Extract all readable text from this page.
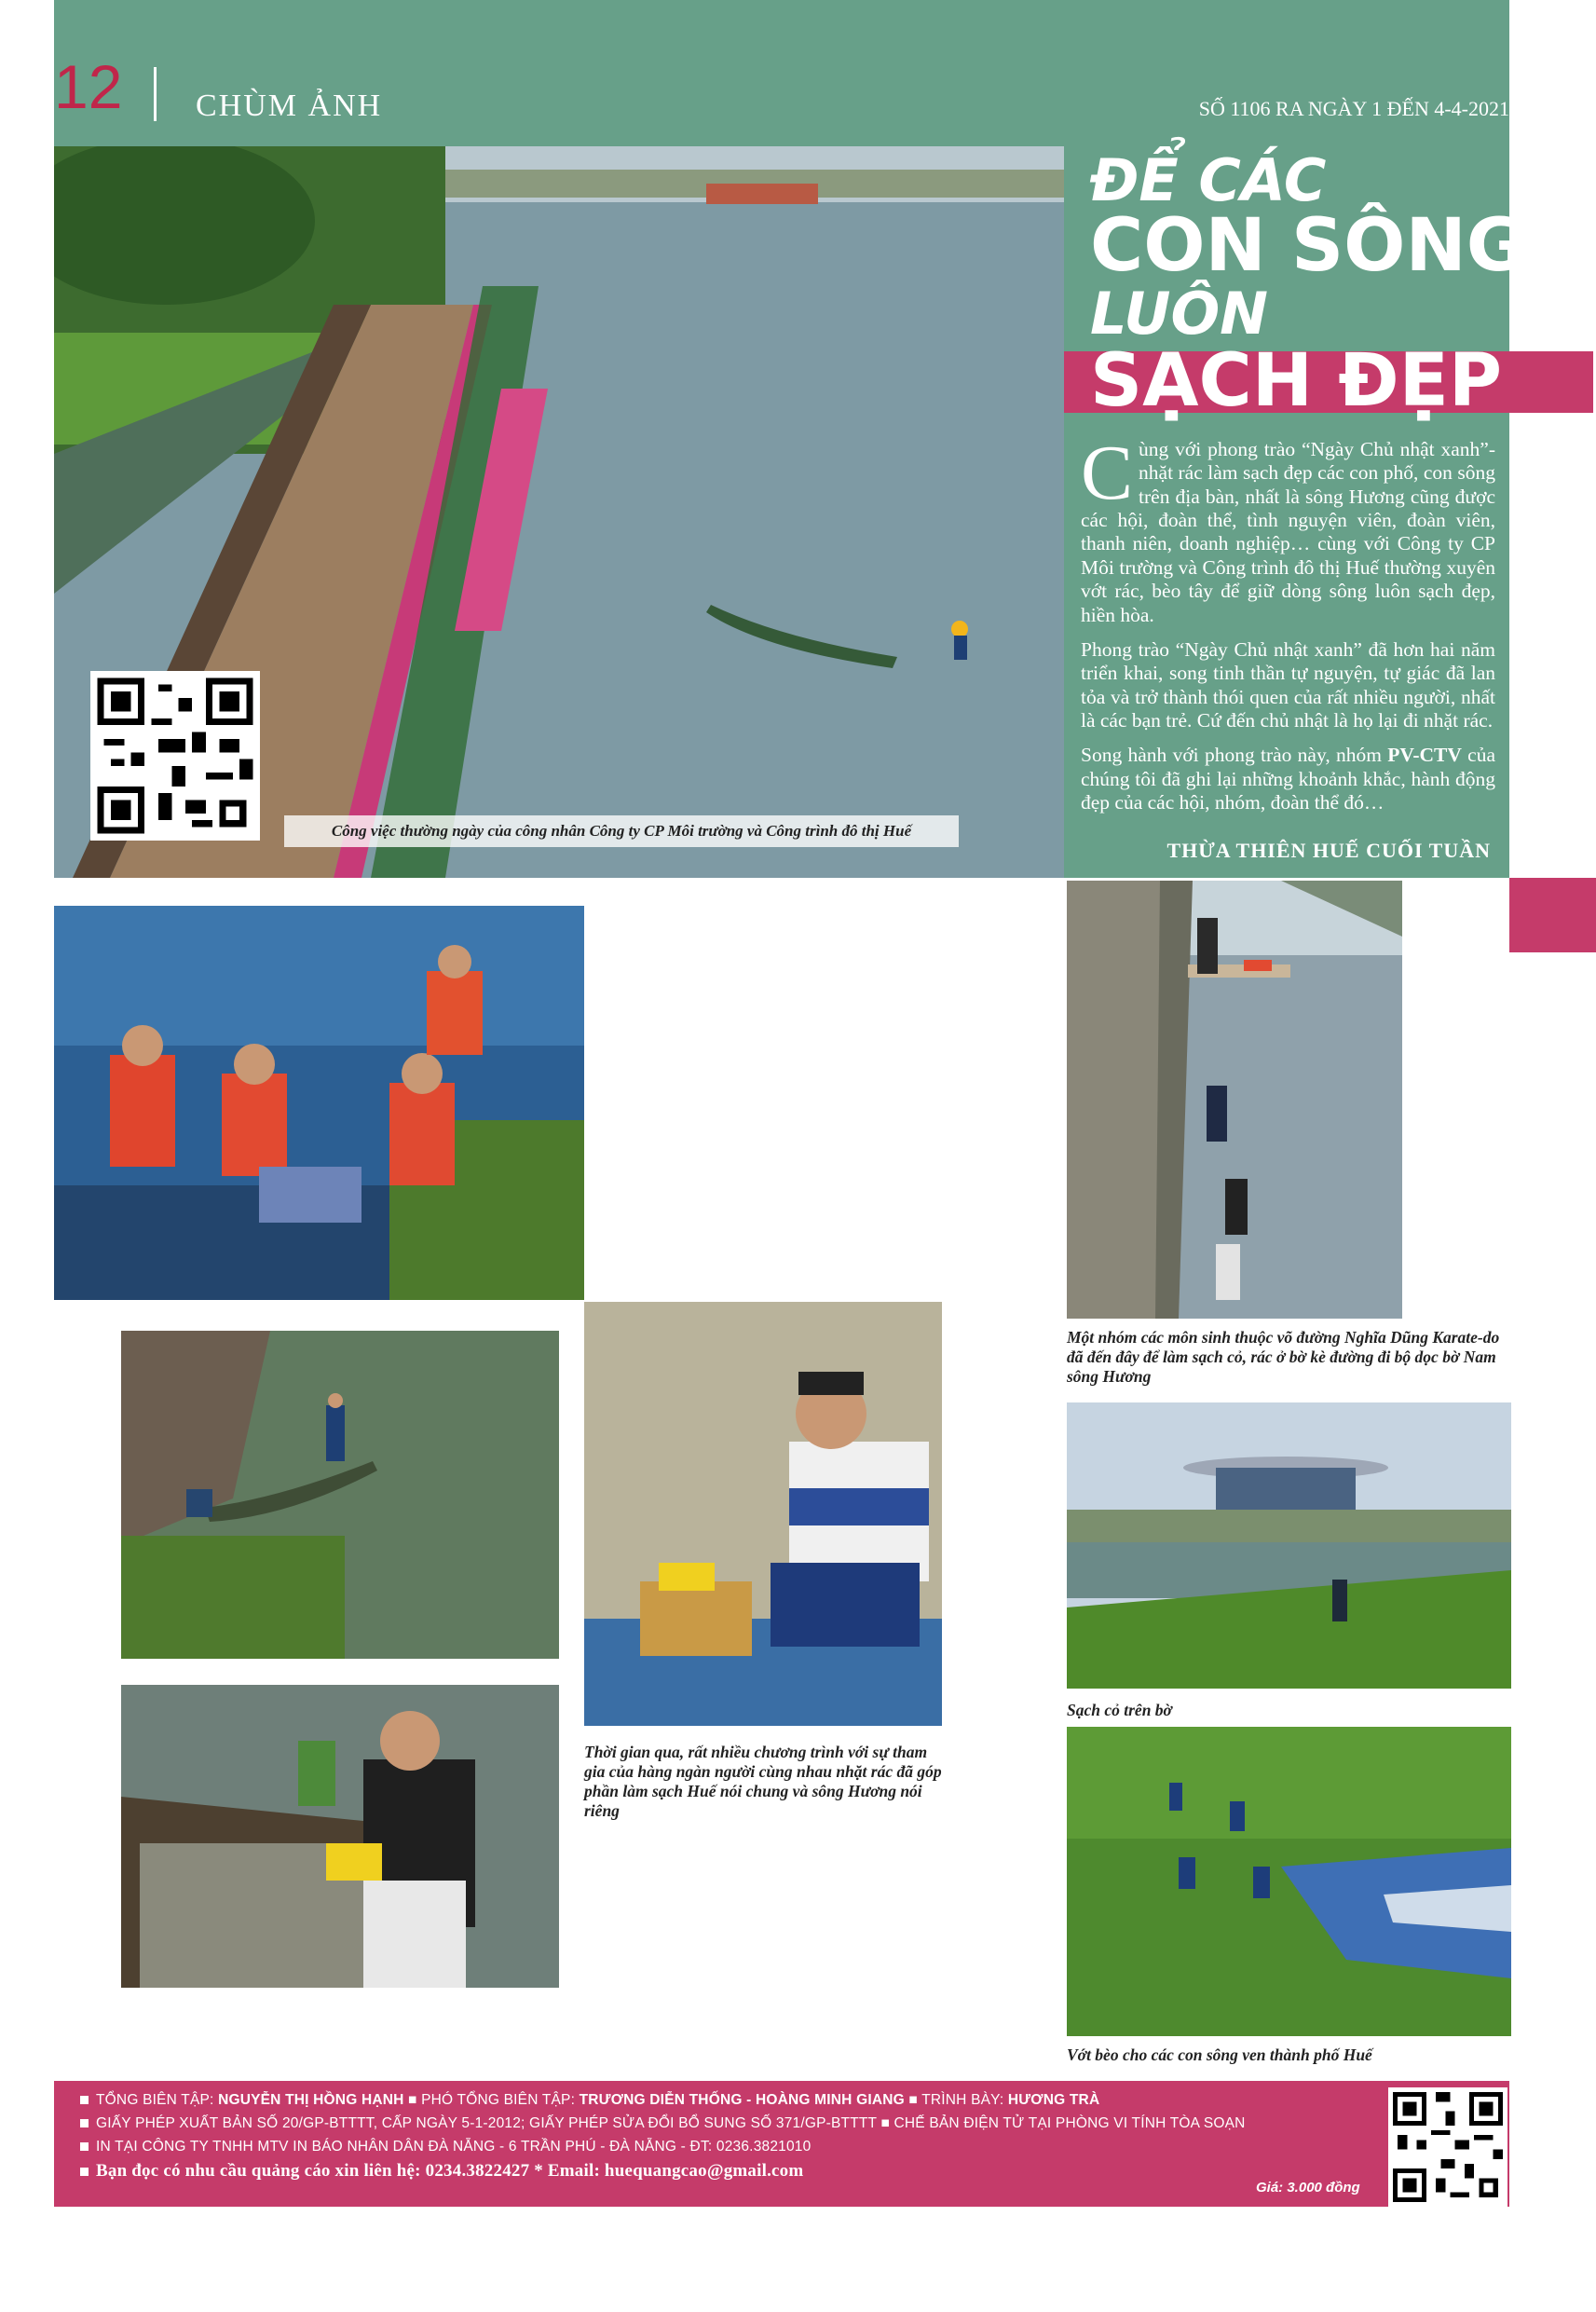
12 CHÙM ẢNH	SỐ 1106 RA NGÀY 1 ĐẾN 4-4-2021
Công việc thường ngày của công nhân Công ty CP Môi trường và Công trình đô thị Huế
ĐỂ CÁC
CON SÔNG
LUÔN
SẠCH ĐẸP

Cùng với phong trào “Ngày Chủ nhật xanh”- nhặt rác làm sạch đẹp các con phố, con sông trên địa bàn, nhất là sông Hương cũng được các hội, đoàn thể, tình nguyện viên, đoàn viên, thanh niên, doanh nghiệp… cùng với Công ty CP Môi trường và Công trình đô thị Huế thường xuyên vớt rác, bèo tây để giữ dòng sông luôn sạch đẹp, hiền hòa.

Phong trào “Ngày Chủ nhật xanh” đã hơn hai năm triển khai, song tinh thần tự nguyện, tự giác đã lan tỏa và trở thành thói quen của rất nhiều người, nhất là các bạn trẻ. Cứ đến chủ nhật là họ lại đi nhặt rác.

Song hành với phong trào này, nhóm PV-CTV của chúng tôi đã ghi lại những khoảnh khắc, hành động đẹp của các hội, nhóm, đoàn thể đó…

THỪA THIÊN HUẾ CUỐI TUẦN
Một nhóm các môn sinh thuộc võ đường Nghĩa Dũng Karate-do đã đến đây để làm sạch cỏ, rác ở bờ kè đường đi bộ dọc bờ Nam sông Hương
Thời gian qua, rất nhiều chương trình với sự tham gia của hàng ngàn người cùng nhau nhặt rác đã góp phần làm sạch Huế nói chung và sông Hương nói riêng
Sạch cỏ trên bờ
Vớt bèo cho các con sông ven thành phố Huế
TỔNG BIÊN TẬP: NGUYỄN THỊ HỒNG HẠNH ■ PHÓ TỔNG BIÊN TẬP: TRƯƠNG DIỄN THỐNG - HOÀNG MINH GIANG ■ TRÌNH BÀY: HƯƠNG TRÀ
GIẤY PHÉP XUẤT BẢN SỐ 20/GP-BTTTT, CẤP NGÀY 5-1-2012; GIẤY PHÉP SỬA ĐỔI BỔ SUNG SỐ 371/GP-BTTTT ■ CHẾ BẢN ĐIỆN TỬ TẠI PHÒNG VI TÍNH TÒA SOẠN
IN TẠI CÔNG TY TNHH MTV IN BÁO NHÂN DÂN ĐÀ NẴNG - 6 TRẦN PHÚ - ĐÀ NẴNG - ĐT: 0236.3821010
Bạn đọc có nhu cầu quảng cáo xin liên hệ: 0234.3822427 * Email: huequangcao@gmail.com
Giá: 3.000 đồng
